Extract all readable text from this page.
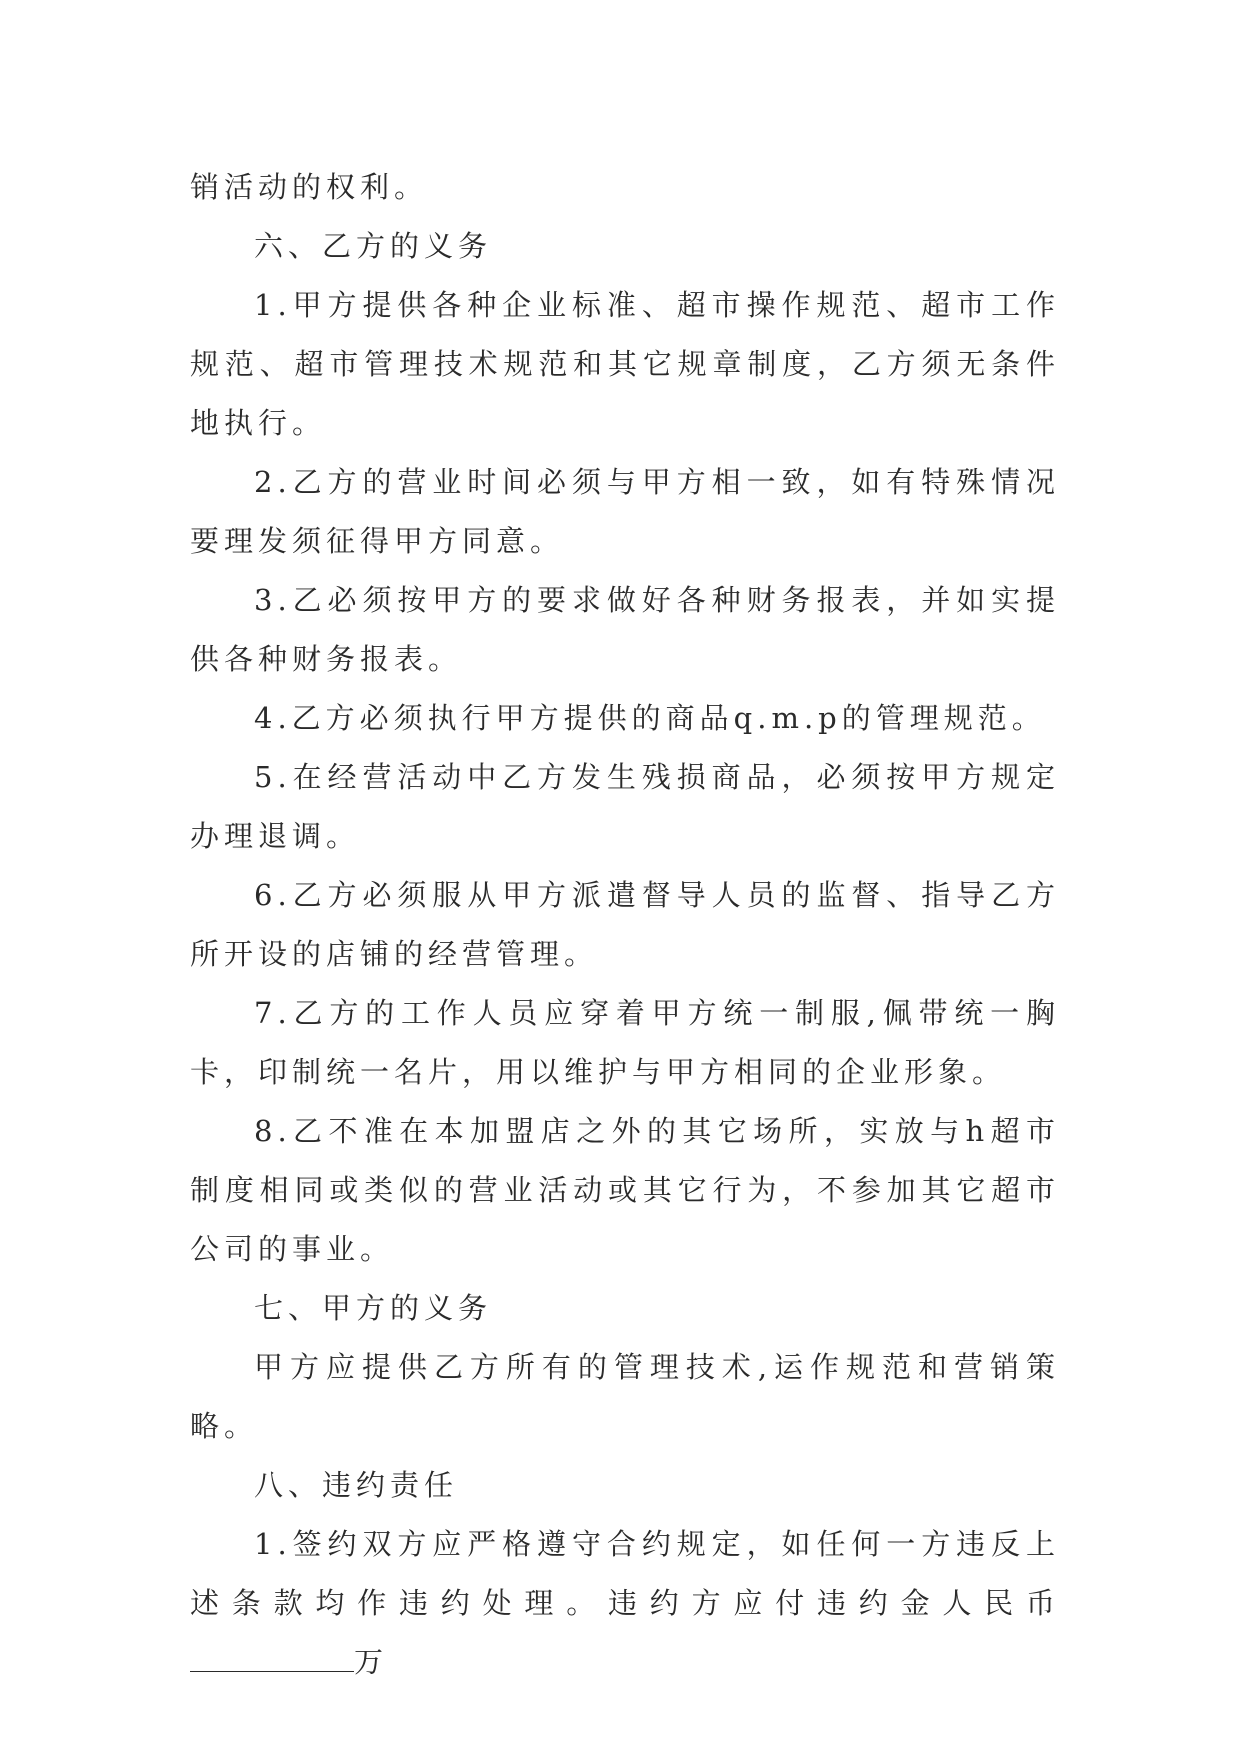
销活动的权利。

六、乙方的义务

1.甲方提供各种企业标准、超市操作规范、超市工作规范、超市管理技术规范和其它规章制度，乙方须无条件地执行。

2.乙方的营业时间必须与甲方相一致，如有特殊情况要理发须征得甲方同意。

3.乙必须按甲方的要求做好各种财务报表，并如实提供各种财务报表。

4.乙方必须执行甲方提供的商品q.m.p的管理规范。

5.在经营活动中乙方发生残损商品，必须按甲方规定办理退调。

6.乙方必须服从甲方派遣督导人员的监督、指导乙方所开设的店铺的经营管理。

7.乙方的工作人员应穿着甲方统一制服,佩带统一胸卡，印制统一名片，用以维护与甲方相同的企业形象。

8.乙不准在本加盟店之外的其它场所，实放与h超市制度相同或类似的营业活动或其它行为，不参加其它超市公司的事业。

七、甲方的义务

甲方应提供乙方所有的管理技术,运作规范和营销策略。

八、违约责任

1.签约双方应严格遵守合约规定，如任何一方违反上述条款均作违约处理。违约方应付违约金人民币万
